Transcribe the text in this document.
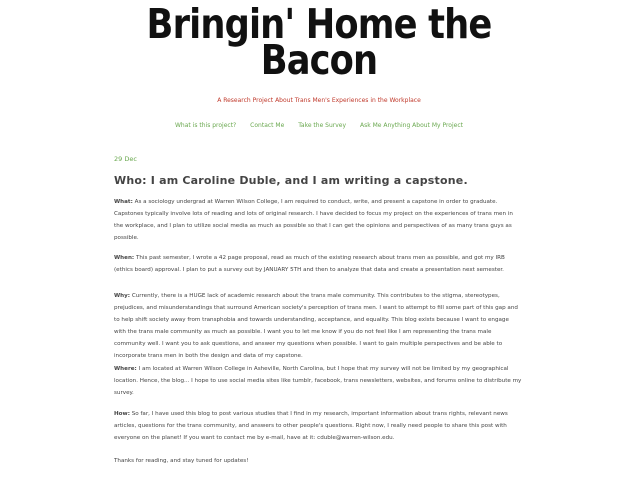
Bringin' Home the
Bacon
A Research Project About Trans Men's Experiences in the Workplace
What is this project? Contact Me Take the Survey Ask Me Anything About My Project
29 Dec
Who: I am Caroline Duble, and I am writing a capstone.
What: As a sociology undergrad at Warren Wilson College, I am required to conduct, write, and present a capstone in order to graduate. Capstones typically involve lots of reading and lots of original research. I have decided to focus my project on the experiences of trans men in the workplace, and I plan to utilize social media as much as possible so that I can get the opinions and perspectives of as many trans guys as possible.
When: This past semester, I wrote a 42 page proposal, read as much of the existing research about trans men as possible, and got my IRB (ethics board) approval. I plan to put a survey out by JANUARY 5TH and then to analyze that data and create a presentation next semester.
Why: Currently, there is a HUGE lack of academic research about the trans male community. This contributes to the stigma, stereotypes, prejudices, and misunderstandings that surround American society's perception of trans men. I want to attempt to fill some part of this gap and to help shift society away from transphobia and towards understanding, acceptance, and equality. This blog exists because I want to engage with the trans male community as much as possible. I want you to let me know if you do not feel like I am representing the trans male community well. I want you to ask questions, and answer my questions when possible. I want to gain multiple perspectives and be able to incorporate trans men in both the design and data of my capstone.
Where: I am located at Warren Wilson College in Asheville, North Carolina, but I hope that my survey will not be limited by my geographical location. Hence, the blog... I hope to use social media sites like tumblr, facebook, trans newsletters, websites, and forums online to distribute my survey.
How: So far, I have used this blog to post various studies that I find in my research, important information about trans rights, relevant news articles, questions for the trans community, and answers to other people's questions. Right now, I really need people to share this post with everyone on the planet! If you want to contact me by e-mail, have at it: cduble@warren-wilson.edu.
Thanks for reading, and stay tuned for updates!
